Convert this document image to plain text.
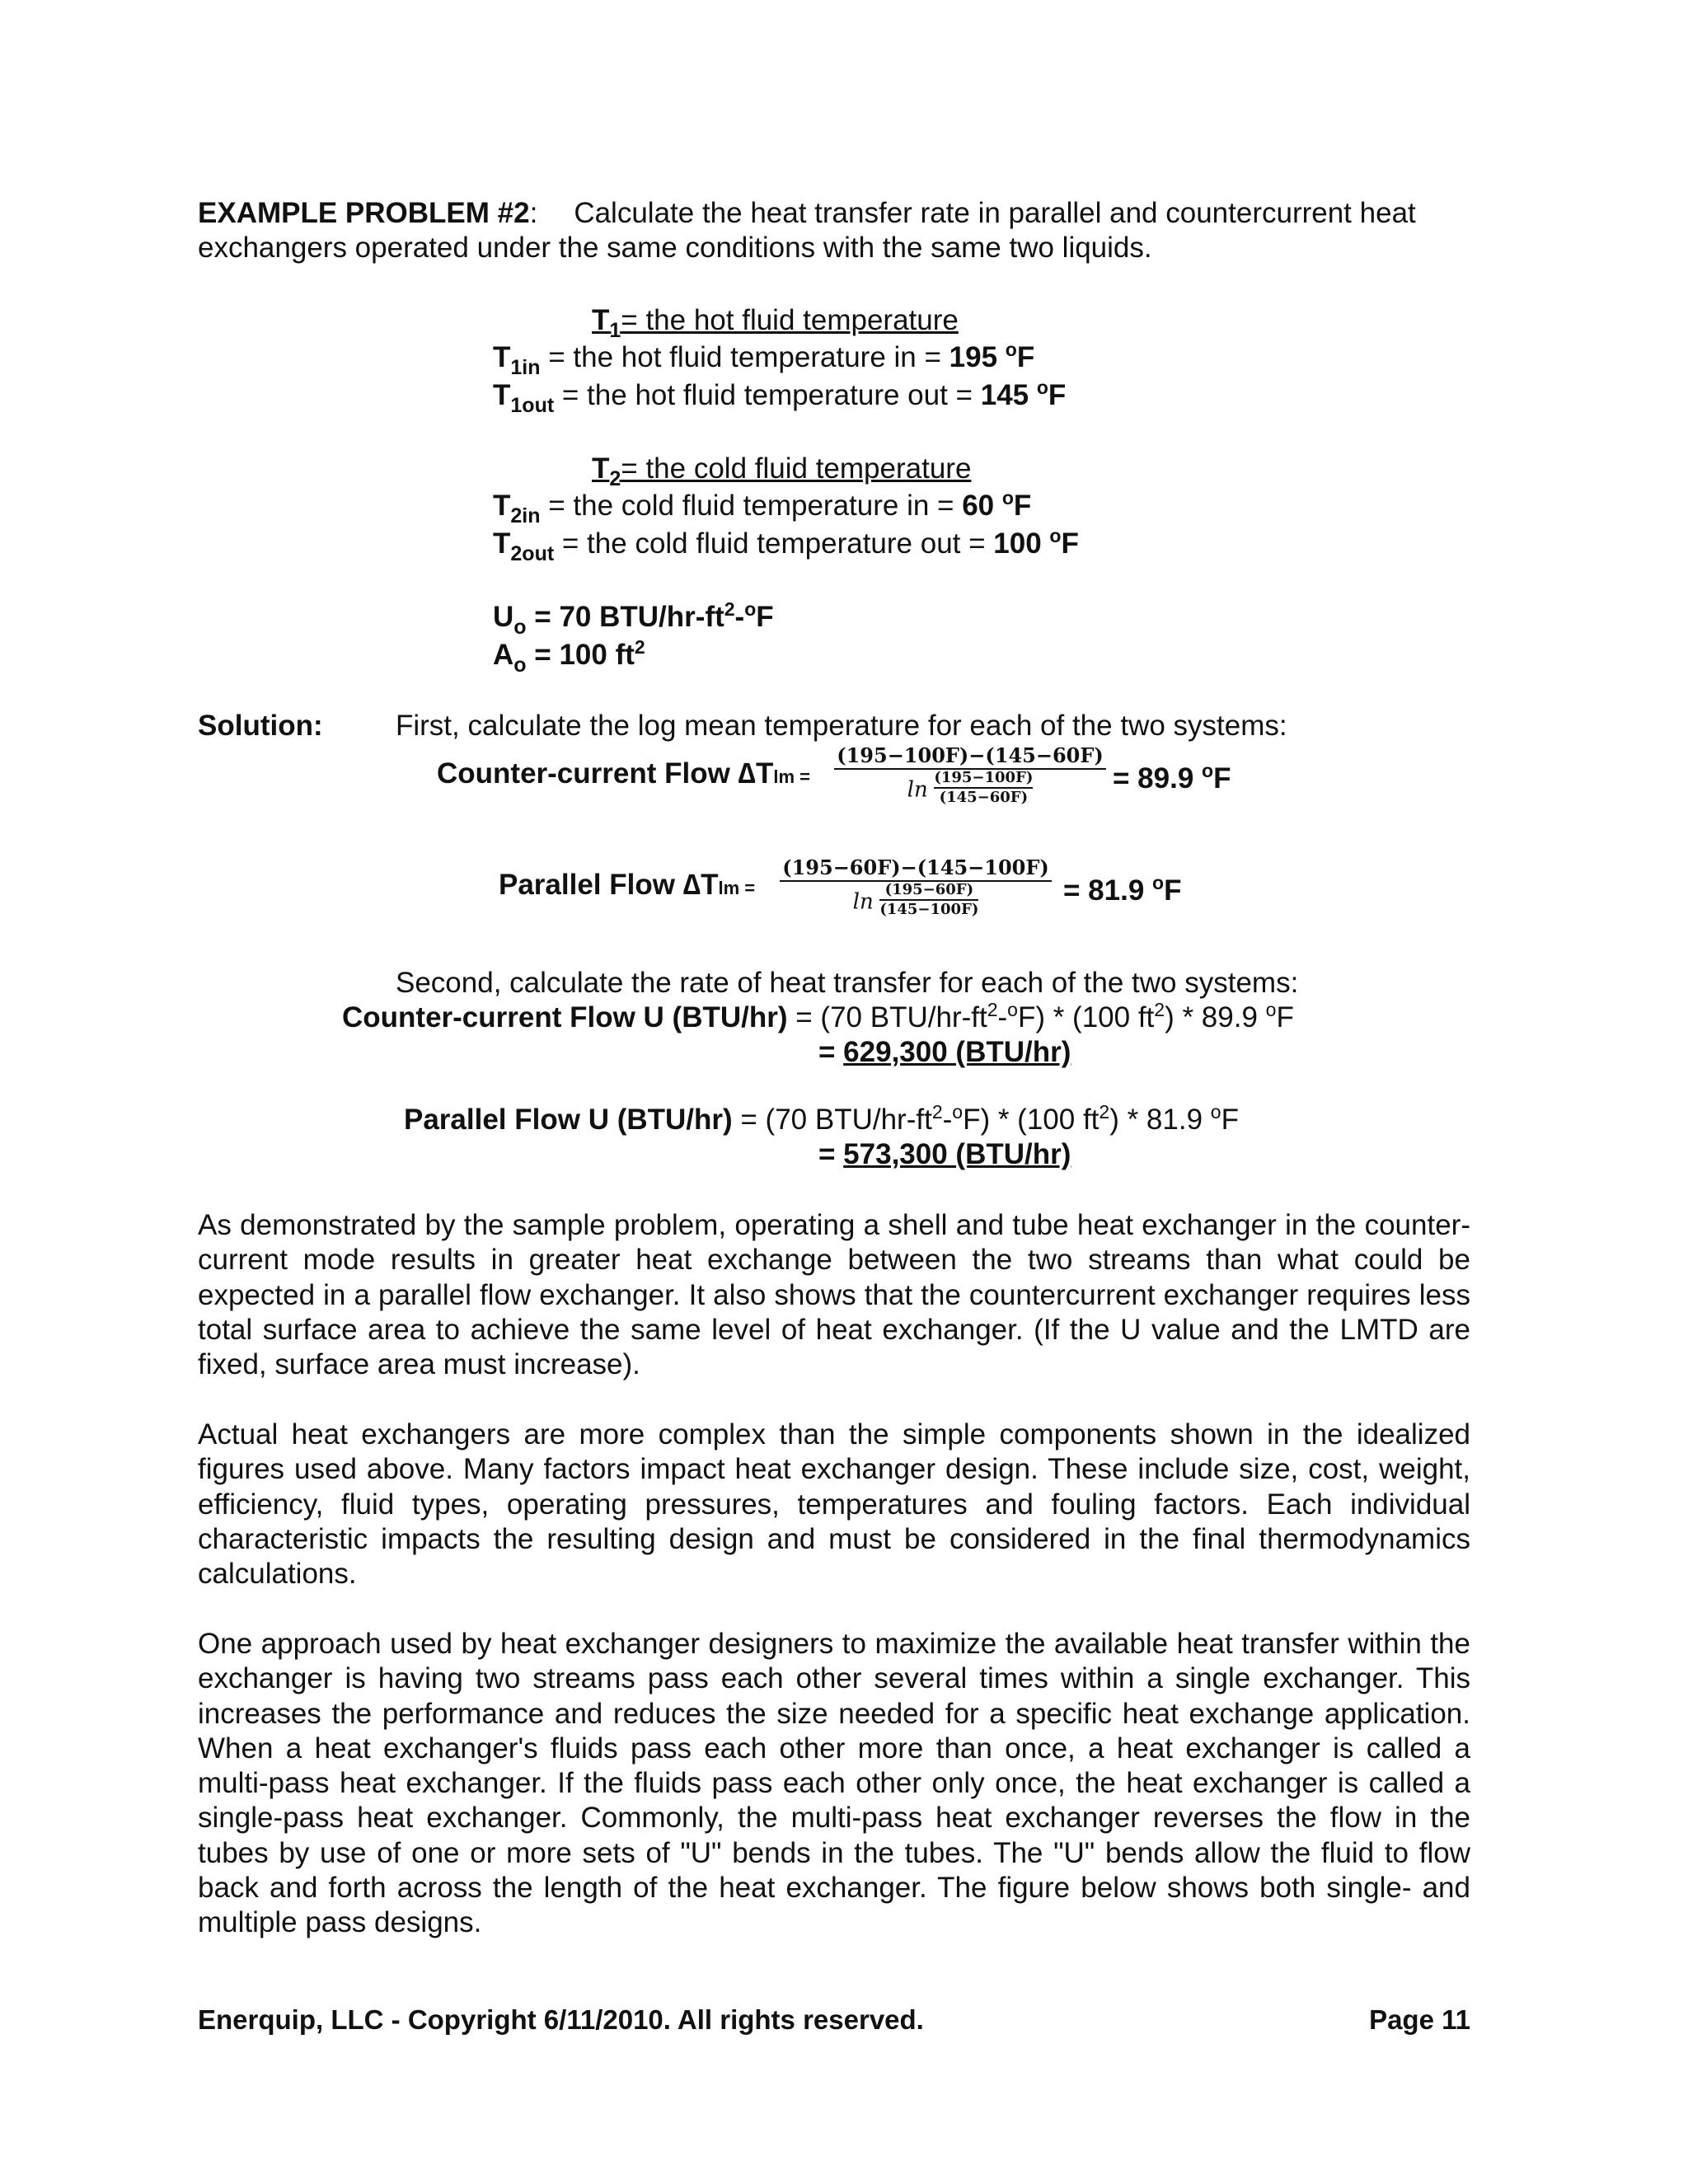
EXAMPLE PROBLEM #2: Calculate the heat transfer rate in parallel and countercurrent heat
exchangers operated under the same conditions with the same two liquids.
$T_1=$ the hot fluid temperature
$T_{1in}$ = the hot fluid temperature in = 195 $^o$F
$T_{1out}$ = the hot fluid temperature out = 145 $^o$F
$T_2=$ the cold fluid temperature
$T_{2in}$ = the cold fluid temperature in = 60 $^o$F
$T_{2out}$ = the cold fluid temperature out = 100 $^o$F
$U_o = 70$ BTU/$hr-ft^2-^oF$
$A_o = 100$ $ft^2$
Solution:	First, calculate the log mean temperature for each of the two systems:
Counter-current Flow ∆Tlm =
(195−100F)−(145−60F)
$\ln \frac{(195-100F)}{(145-60F)}$	= 89.9 $^o$F
Parallel Flow ∆Tlm =
(195−60F)−(145−100F)
$\ln \frac{(195-60F)}{(145-100F)}$	= 81.9 $^o$F
Second, calculate the rate of heat transfer for each of the two systems:
Counter-current Flow U (BTU/hr) = (70 BTU/$hr-ft^2-^oF) * (100$ $ft^2) * 89.9$ $^o$F
= 629,300 (BTU/hr)
Parallel Flow U (BTU/hr) = (70 BTU/$hr-ft^2-^oF) * (100$ $ft^2) * 81.9$ $^o$F
= 573,300 (BTU/hr)
As demonstrated by the sample problem, operating a shell and tube heat exchanger in the counter-current mode results in greater heat exchange between the two streams than what could be expected in a parallel flow exchanger. It also shows that the countercurrent exchanger requires less total surface area to achieve the same level of heat exchanger. (If the U value and the LMTD are fixed, surface area must increase).
Actual heat exchangers are more complex than the simple components shown in the idealized figures used above. Many factors impact heat exchanger design. These include size, cost, weight, efficiency, fluid types, operating pressures, temperatures and fouling factors. Each individual characteristic impacts the resulting design and must be considered in the final thermodynamics calculations.
One approach used by heat exchanger designers to maximize the available heat transfer within the exchanger is having two streams pass each other several times within a single exchanger. This increases the performance and reduces the size needed for a specific heat exchange application. When a heat exchanger's fluids pass each other more than once, a heat exchanger is called a multi-pass heat exchanger. If the fluids pass each other only once, the heat exchanger is called a single-pass heat exchanger. Commonly, the multi-pass heat exchanger reverses the flow in the tubes by use of one or more sets of "U" bends in the tubes. The "U" bends allow the fluid to flow back and forth across the length of the heat exchanger. The figure below shows both single- and multiple pass designs.
Enerquip, LLC - Copyright 6/11/2010. All rights reserved.	Page 11
